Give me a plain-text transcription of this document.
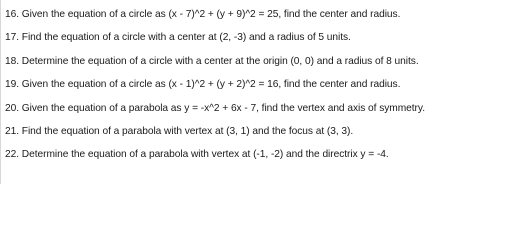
16. Given the equation of a circle as (x - 7)^2 + (y + 9)^2 = 25, find the center and radius.
17. Find the equation of a circle with a center at (2, -3) and a radius of 5 units.
18. Determine the equation of a circle with a center at the origin (0, 0) and a radius of 8 units.
19. Given the equation of a circle as (x - 1)^2 + (y + 2)^2 = 16, find the center and radius.
20. Given the equation of a parabola as y = -x^2 + 6x - 7, find the vertex and axis of symmetry.
21. Find the equation of a parabola with vertex at (3, 1) and the focus at (3, 3).
22. Determine the equation of a parabola with vertex at (-1, -2) and the directrix y = -4.
